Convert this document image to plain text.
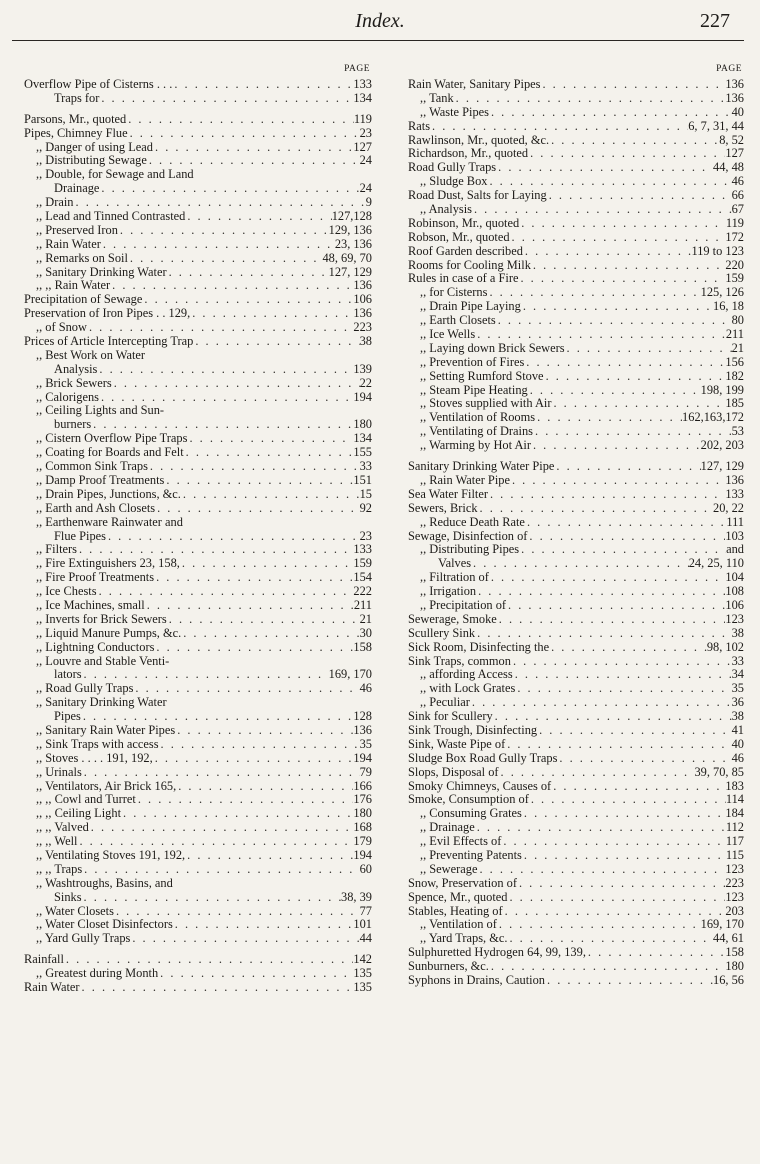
Index.	227
PAGE
Overflow Pipe of Cisterns . . . . . .	133
Traps for . . .	134
Parsons, Mr., quoted . . .	119
Pipes, Chimney Flue . . .	23
,, Danger of using Lead . . .	127
,, Distributing Sewage . . .	24
,, Double, for Sewage and Land
Drainage . . .	24
,, Drain . . .	9
,, Lead and Tinned Contrasted . . .	127,128
,, Preserved Iron . . .	129, 136
,, Rain Water . . .	23, 136
,, Remarks on Soil . . .	48, 69, 70
,, Sanitary Drinking Water . . .	127, 129
,, ,, Rain Water . . .	136
Precipitation of Sewage . . .	106
Preservation of Iron Pipes . . 129, . . .	136
,, of Snow . . .	223
Prices of Article Intercepting Trap . . .	38
,, Best Work on Water
Analysis . . .	139
,, Brick Sewers . . .	22
,, Calorigens . . .	194
,, Ceiling Lights and Sun-
burners . . .	180
,, Cistern Overflow Pipe Traps . . .	134
,, Coating for Boards and Felt . . .	155
,, Common Sink Traps . . .	33
,, Damp Proof Treatments . . .	151
,, Drain Pipes, Junctions, &c. . . .	15
,, Earth and Ash Closets . . .	92
,, Earthenware Rainwater and
Flue Pipes . . .	23
,, Filters . . .	133
,, Fire Extinguishers 23, 158, . . .	159
,, Fire Proof Treatments . . .	154
,, Ice Chests . . .	222
,, Ice Machines, small . . .	211
,, Inverts for Brick Sewers . . .	21
,, Liquid Manure Pumps, &c. . . .	30
,, Lightning Conductors . . .	158
,, Louvre and Stable Venti-
lators . . .	169, 170
,, Road Gully Traps . . .	46
,, Sanitary Drinking Water
Pipes . . .	128
,, Sanitary Rain Water Pipes . . .	136
,, Sink Traps with access . . .	35
,, Stoves . . . . 191, 192, . . .	194
,, Urinals . . .	79
,, Ventilators, Air Brick 165, . . .	166
,, ,, Cowl and Turret . . .	176
,, ,, Ceiling Light . . .	180
,, ,, Valved . . .	168
,, ,, Well . . .	179
,, Ventilating Stoves 191, 192, . . .	194
,, ,, Traps . . .	60
,, Washtroughs, Basins, and
Sinks . . .	38, 39
,, Water Closets . . .	77
,, Water Closet Disinfectors . . .	101
,, Yard Gully Traps . . .	44
Rainfall . . .	142
,, Greatest during Month . . .	135
Rain Water . . .	135
PAGE
Rain Water, Sanitary Pipes . . .	136
,, Tank . . .	136
,, Waste Pipes . . .	40
Rats . . .	6, 7, 31, 44
Rawlinson, Mr., quoted, &c. . . .	8, 52
Richardson, Mr., quoted . . .	127
Road Gully Traps . . .	44, 48
,, Sludge Box . . .	46
Road Dust, Salts for Laying . . .	66
,, Analysis . . .	67
Robinson, Mr., quoted . . .	119
Robson, Mr., quoted . . .	172
Roof Garden described . . .	119 to 123
Rooms for Cooling Milk . . .	220
Rules in case of a Fire . . .	159
,, for Cisterns . . .	125, 126
,, Drain Pipe Laying . . .	16, 18
,, Earth Closets . . .	80
,, Ice Wells . . .	211
,, Laying down Brick Sewers . . .	21
,, Prevention of Fires . . .	156
,, Setting Rumford Stove . . .	182
,, Steam Pipe Heating . . .	198, 199
,, Stoves supplied with Air . . .	185
,, Ventilation of Rooms . . .	162,163,172
,, Ventilating of Drains . . .	53
,, Warming by Hot Air . . .	202, 203
Sanitary Drinking Water Pipe . . .	127, 129
,, Rain Water Pipe . . .	136
Sea Water Filter . . .	133
Sewers, Brick . . .	20, 22
,, Reduce Death Rate . . .	111
Sewage, Disinfection of . . .	103
,, Distributing Pipes . . .	and
Valves . . .	24, 25, 110
,, Filtration of . . .	104
,, Irrigation . . .	108
,, Precipitation of . . .	106
Sewerage, Smoke . . .	123
Scullery Sink . . .	38
Sick Room, Disinfecting the . . .	98, 102
Sink Traps, common . . .	33
,, affording Access . . .	34
,, with Lock Grates . . .	35
,, Peculiar . . .	36
Sink for Scullery . . .	38
Sink Trough, Disinfecting . . .	41
Sink, Waste Pipe of . . .	40
Sludge Box Road Gully Traps . . .	46
Slops, Disposal of . . .	39, 70, 85
Smoky Chimneys, Causes of . . .	183
Smoke, Consumption of . . .	114
,, Consuming Grates . . .	184
,, Drainage . . .	112
,, Evil Effects of . . .	117
,, Preventing Patents . . .	115
,, Sewerage . . .	123
Snow, Preservation of . . .	223
Spence, Mr., quoted . . .	123
Stables, Heating of . . .	203
,, Ventilation of . . .	169, 170
,, Yard Traps, &c. . . .	44, 61
Sulphuretted Hydrogen 64, 99, 139, . . .	158
Sunburners, &c. . . .	180
Syphons in Drains, Caution . . .	16, 56
